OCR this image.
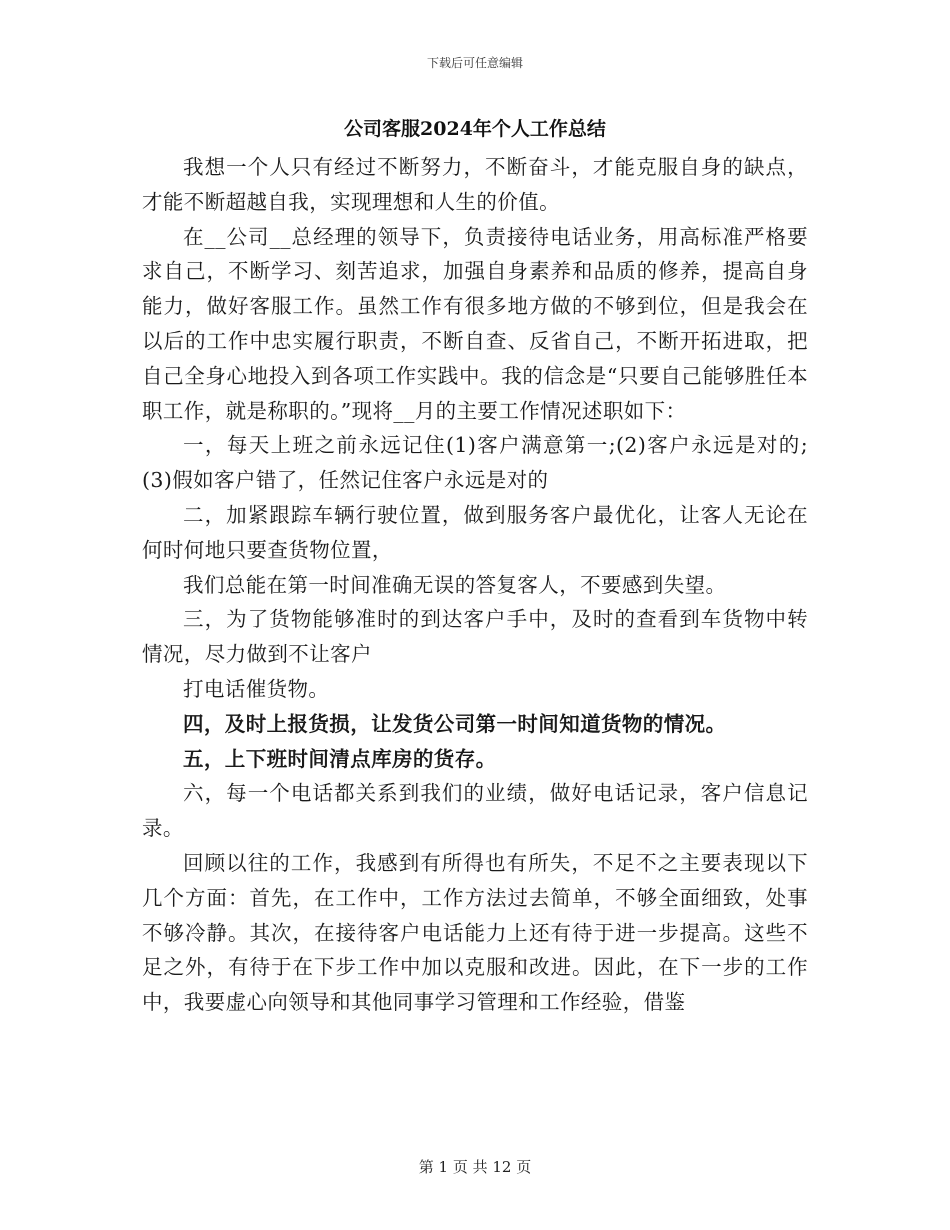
下载后可任意编辑
公司客服2024年个人工作总结

我想一个人只有经过不断努力，不断奋斗，才能克服自身的缺点，才能不断超越自我，实现理想和人生的价值。

在__公司__总经理的领导下，负责接待电话业务，用高标准严格要求自己，不断学习、刻苦追求，加强自身素养和品质的修养，提高自身能力，做好客服工作。虽然工作有很多地方做的不够到位，但是我会在以后的工作中忠实履行职责，不断自查、反省自己，不断开拓进取，把自己全身心地投入到各项工作实践中。我的信念是“只要自己能够胜任本职工作，就是称职的。”现将__月的主要工作情况述职如下：

一，每天上班之前永远记住(1)客户满意第一;(2)客户永远是对的;(3)假如客户错了，任然记住客户永远是对的

二，加紧跟踪车辆行驶位置，做到服务客户最优化，让客人无论在何时何地只要查货物位置，

我们总能在第一时间准确无误的答复客人，不要感到失望。

三，为了货物能够准时的到达客户手中，及时的查看到车货物中转情况，尽力做到不让客户

打电话催货物。

四，及时上报货损，让发货公司第一时间知道货物的情况。

五，上下班时间清点库房的货存。

六，每一个电话都关系到我们的业绩，做好电话记录，客户信息记录。

回顾以往的工作，我感到有所得也有所失，不足不之主要表现以下几个方面：首先，在工作中，工作方法过去简单，不够全面细致，处事不够冷静。其次，在接待客户电话能力上还有待于进一步提高。这些不足之外，有待于在下步工作中加以克服和改进。因此，在下一步的工作中，我要虚心向领导和其他同事学习管理和工作经验，借鉴

第 1 页 共 12 页
